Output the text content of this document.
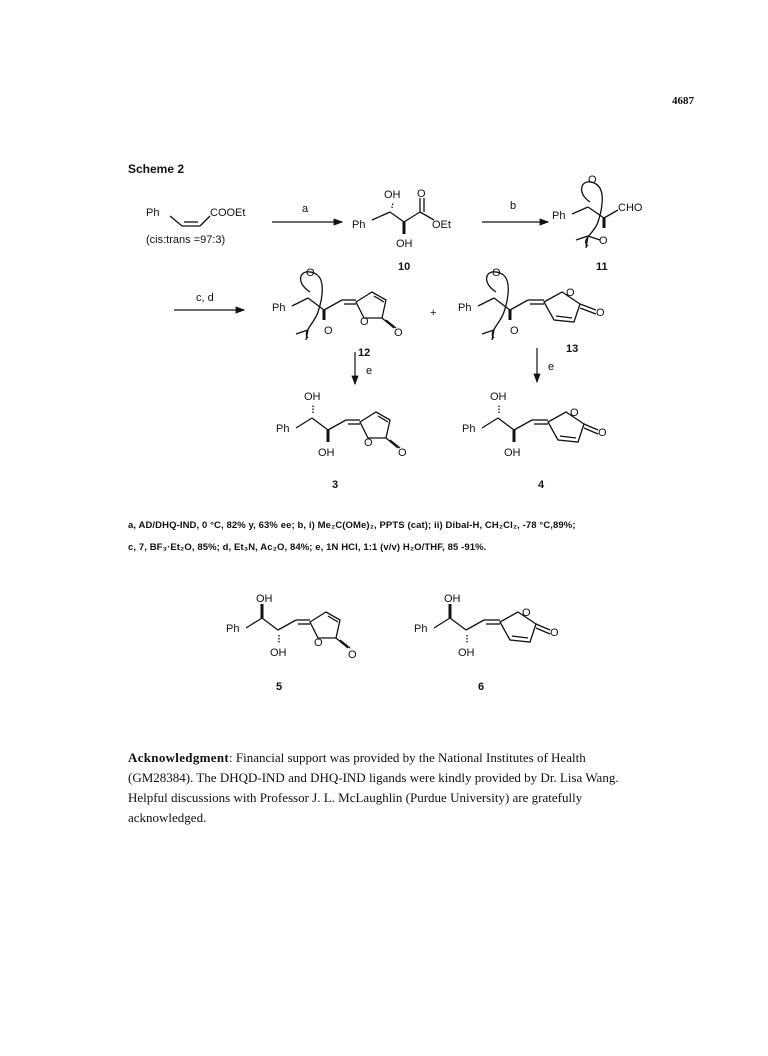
4687
Scheme 2
Ph	COOEt
(cis:trans =97:3)
a
Ph
OH O
OEt
OH
10
b
Ph
O
CHO
O
11
c, d
Ph
O
O
O
O
12
+ Ph
O
O
O
O
13
e	e
Ph
OH
OH
O
O
3
Ph
OH
OH
O
O
4
Ph
OH
OH
O
O
5
Ph
OH
OH
O
O
6
a, AD/DHQ-IND, 0 °C, 82% y, 63% ee; b, i) Me₂C(OMe)₂, PPTS (cat); ii) Dibal-H, CH₂Cl₂, -78 °C,89%;
c, 7, BF₃·Et₂O, 85%; d, Et₃N, Ac₂O, 84%; e, 1N HCl, 1:1 (v/v) H₂O/THF, 85 -91%.
Acknowledgment: Financial support was provided by the National Institutes of Health
(GM28384). The DHQD-IND and DHQ-IND ligands were kindly provided by Dr. Lisa Wang.
Helpful discussions with Professor J. L. McLaughlin (Purdue University) are gratefully
acknowledged.
